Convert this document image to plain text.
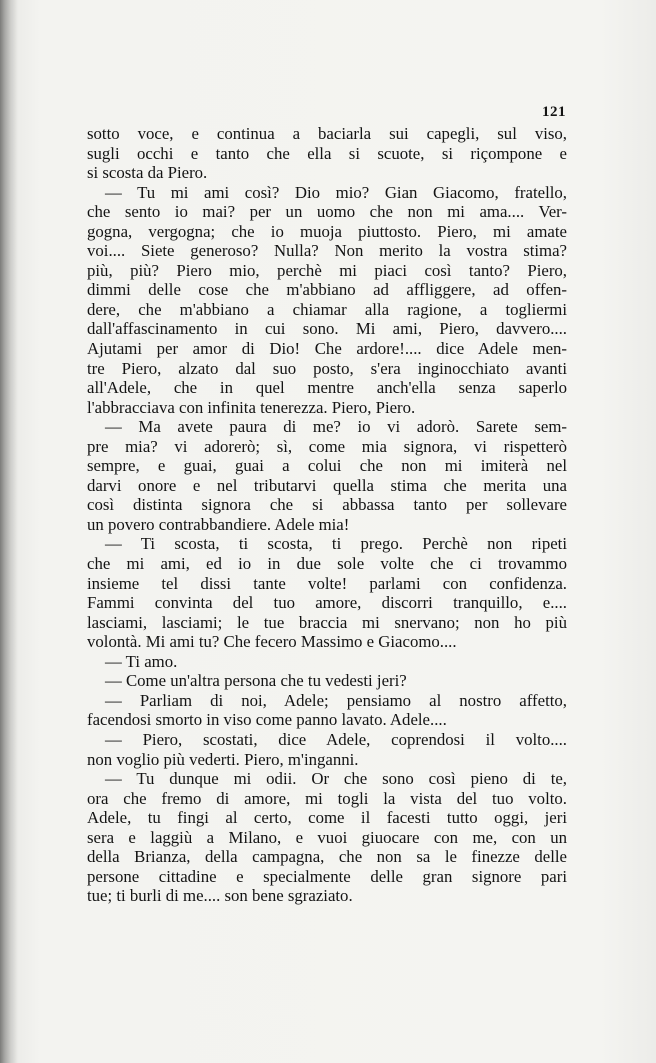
121
sotto voce, e continua a baciarla sui capegli, sul viso,
sugli occhi e tanto che ella si scuote, si riçompone e
si scosta da Piero.
— Tu mi ami così? Dio mio? Gian Giacomo, fratello,
che sento io mai? per un uomo che non mi ama.... Ver-
gogna, vergogna; che io muoja piuttosto. Piero, mi amate
voi.... Siete generoso? Nulla? Non merito la vostra stima?
più, più? Piero mio, perchè mi piaci così tanto? Piero,
dimmi delle cose che m'abbiano ad affliggere, ad offen-
dere, che m'abbiano a chiamar alla ragione, a togliermi
dall'affascinamento in cui sono. Mi ami, Piero, davvero....
Ajutami per amor di Dio! Che ardore!.... dice Adele men-
tre Piero, alzato dal suo posto, s'era inginocchiato avanti
all'Adele, che in quel mentre anch'ella senza saperlo
l'abbracciava con infinita tenerezza. Piero, Piero.
— Ma avete paura di me? io vi adorò. Sarete sem-
pre mia? vi adorerò; sì, come mia signora, vi rispetterò
sempre, e guai, guai a colui che non mi imiterà nel
darvi onore e nel tributarvi quella stima che merita una
così distinta signora che si abbassa tanto per sollevare
un povero contrabbandiere. Adele mia!
— Ti scosta, ti scosta, ti prego. Perchè non ripeti
che mi ami, ed io in due sole volte che ci trovammo
insieme tel dissi tante volte! parlami con confidenza.
Fammi convinta del tuo amore, discorri tranquillo, e....
lasciami, lasciami; le tue braccia mi snervano; non ho più
volontà. Mi ami tu? Che fecero Massimo e Giacomo....
— Ti amo.
— Come un'altra persona che tu vedesti jeri?
— Parliam di noi, Adele; pensiamo al nostro affetto,
facendosi smorto in viso come panno lavato. Adele....
— Piero, scostati, dice Adele, coprendosi il volto....
non voglio più vederti. Piero, m'inganni.
— Tu dunque mi odii. Or che sono così pieno di te,
ora che fremo di amore, mi togli la vista del tuo volto.
Adele, tu fingi al certo, come il facesti tutto oggi, jeri
sera e laggiù a Milano, e vuoi giuocare con me, con un
della Brianza, della campagna, che non sa le finezze delle
persone cittadine e specialmente delle gran signore pari
tue; ti burli di me.... son bene sgraziato.
